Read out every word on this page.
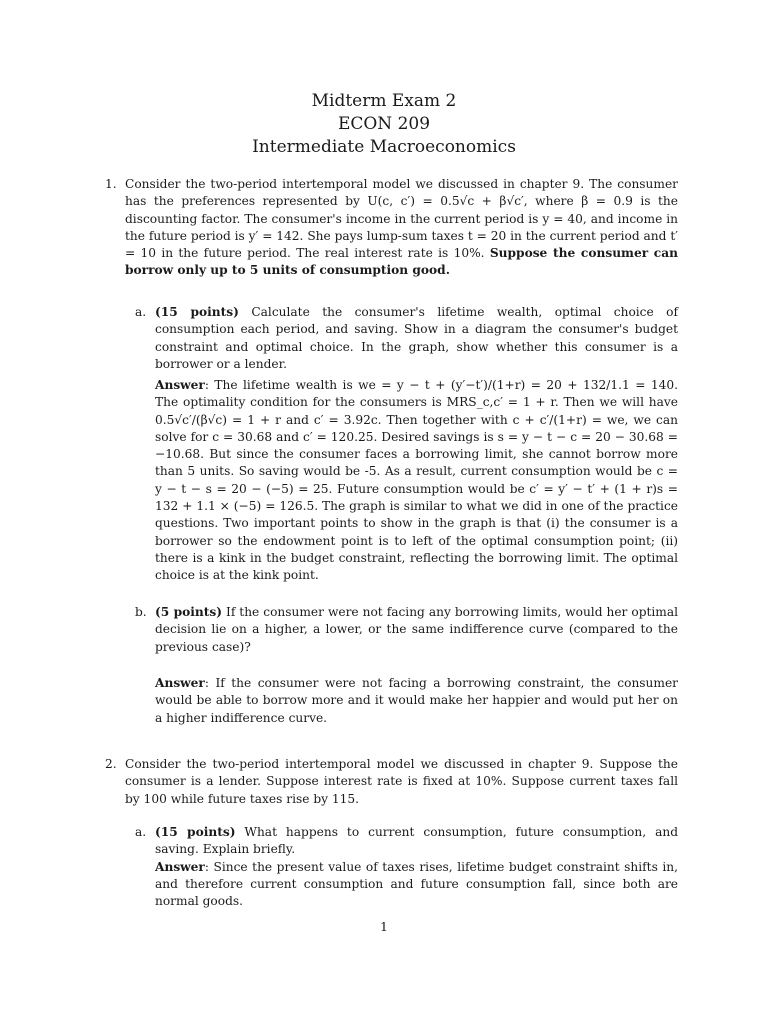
Midterm Exam 2
ECON 209
Intermediate Macroeconomics
1. Consider the two-period intertemporal model we discussed in chapter 9. The consumer has the preferences represented by U(c, c′) = 0.5√c + β√c′, where β = 0.9 is the discounting factor. The consumer's income in the current period is y = 40, and income in the future period is y′ = 142. She pays lump-sum taxes t = 20 in the current period and t′ = 10 in the future period. The real interest rate is 10%. Suppose the consumer can borrow only up to 5 units of consumption good.
a. (15 points) Calculate the consumer's lifetime wealth, optimal choice of consumption each period, and saving. Show in a diagram the consumer's budget constraint and optimal choice. In the graph, show whether this consumer is a borrower or a lender.
Answer: The lifetime wealth is we = y − t + (y′−t′)/(1+r) = 20 + 132/1.1 = 140. The optimality condition for the consumers is MRS_c,c′ = 1 + r. Then we will have 0.5√c′/(β√c) = 1 + r and c′ = 3.92c. Then together with c + c′/(1+r) = we, we can solve for c = 30.68 and c′ = 120.25. Desired savings is s = y − t − c = 20 − 30.68 = −10.68. But since the consumer faces a borrowing limit, she cannot borrow more than 5 units. So saving would be -5. As a result, current consumption would be c = y − t − s = 20 − (−5) = 25. Future consumption would be c′ = y′ − t′ + (1 + r)s = 132 + 1.1 × (−5) = 126.5. The graph is similar to what we did in one of the practice questions. Two important points to show in the graph is that (i) the consumer is a borrower so the endowment point is to left of the optimal consumption point; (ii) there is a kink in the budget constraint, reflecting the borrowing limit. The optimal choice is at the kink point.
b. (5 points) If the consumer were not facing any borrowing limits, would her optimal decision lie on a higher, a lower, or the same indifference curve (compared to the previous case)?
Answer: If the consumer were not facing a borrowing constraint, the consumer would be able to borrow more and it would make her happier and would put her on a higher indifference curve.
2. Consider the two-period intertemporal model we discussed in chapter 9. Suppose the consumer is a lender. Suppose interest rate is fixed at 10%. Suppose current taxes fall by 100 while future taxes rise by 115.
a. (15 points) What happens to current consumption, future consumption, and saving. Explain briefly.
Answer: Since the present value of taxes rises, lifetime budget constraint shifts in, and therefore current consumption and future consumption fall, since both are normal goods.
1
